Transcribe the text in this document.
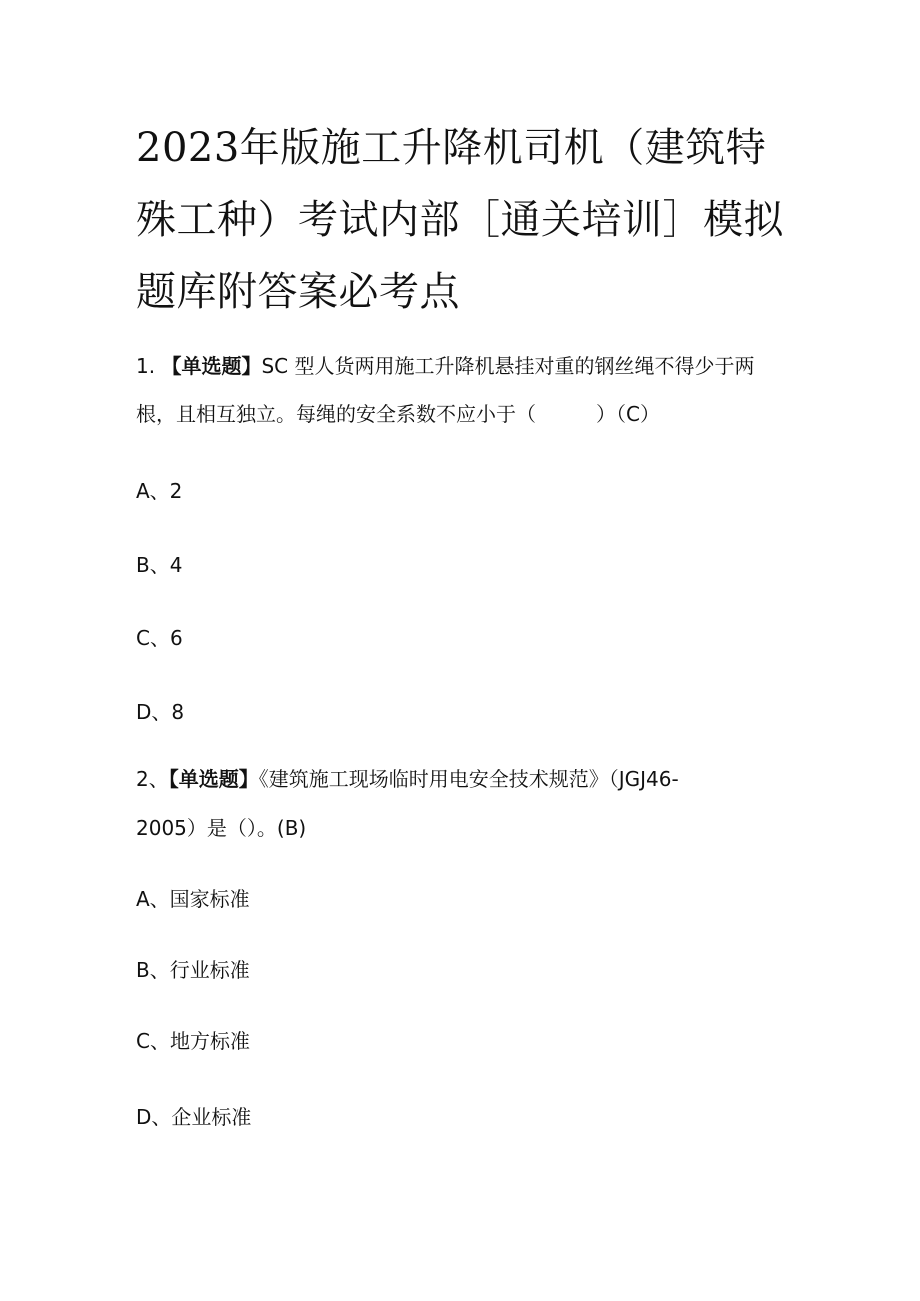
2023年版施工升降机司机（建筑特殊工种）考试内部［通关培训］模拟题库附答案必考点

1. 【单选题】SC 型人货两用施工升降机悬挂对重的钢丝绳不得少于两

根，且相互独立。每绳的安全系数不应小于（　　　）（C）

A、2

B、4

C、6

D、8

2、【单选题】《建筑施工现场临时用电安全技术规范》（JGJ46-

2005）是（）。(B)

A、国家标准

B、行业标准

C、地方标准

D、企业标准
